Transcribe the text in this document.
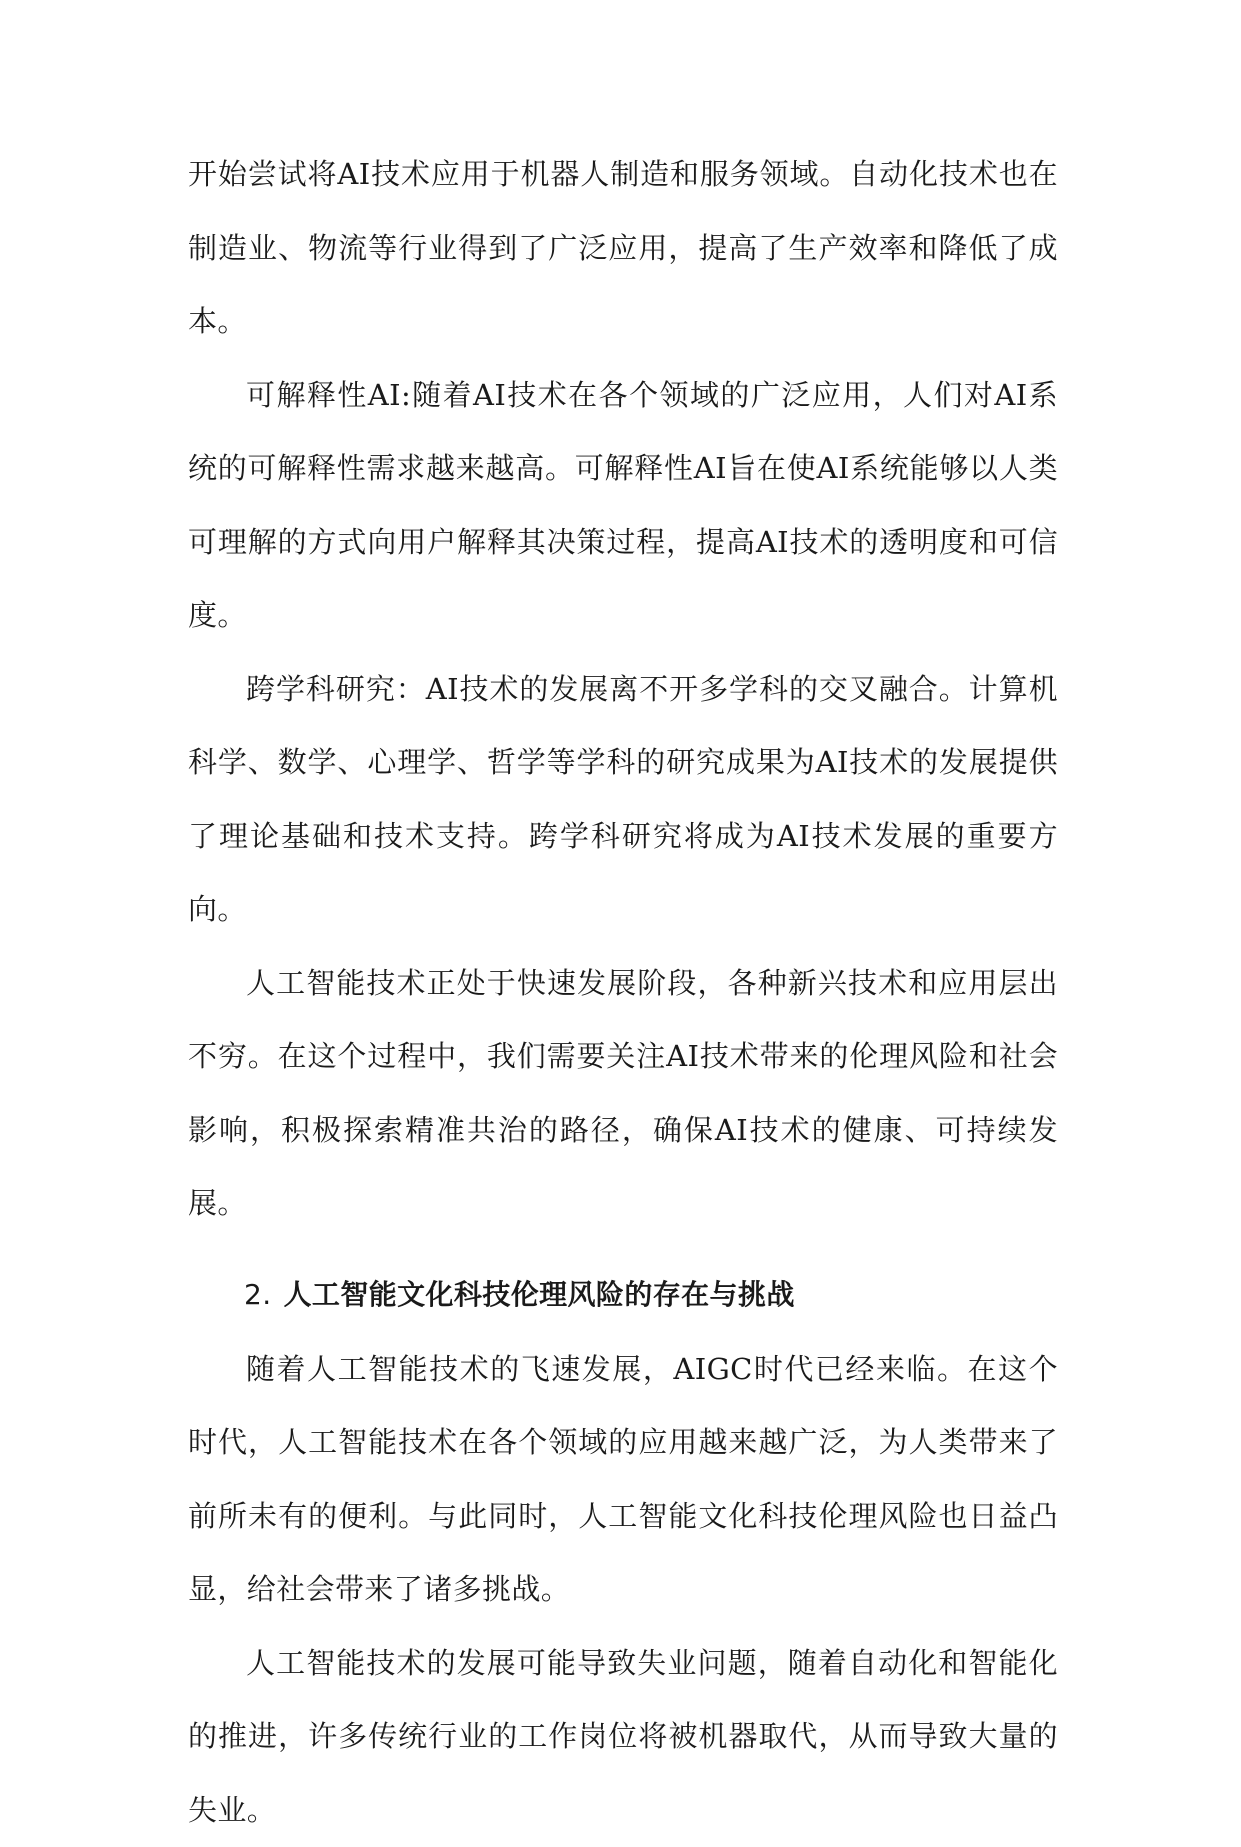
开始尝试将AI技术应用于机器人制造和服务领域。自动化技术也在制造业、物流等行业得到了广泛应用，提高了生产效率和降低了成本。

可解释性AI:随着AI技术在各个领域的广泛应用，人们对AI系统的可解释性需求越来越高。可解释性AI旨在使AI系统能够以人类可理解的方式向用户解释其决策过程，提高AI技术的透明度和可信度。

跨学科研究：AI技术的发展离不开多学科的交叉融合。计算机科学、数学、心理学、哲学等学科的研究成果为AI技术的发展提供了理论基础和技术支持。跨学科研究将成为AI技术发展的重要方向。

人工智能技术正处于快速发展阶段，各种新兴技术和应用层出不穷。在这个过程中，我们需要关注AI技术带来的伦理风险和社会影响，积极探索精准共治的路径，确保AI技术的健康、可持续发展。

2. 人工智能文化科技伦理风险的存在与挑战

随着人工智能技术的飞速发展，AIGC时代已经来临。在这个时代，人工智能技术在各个领域的应用越来越广泛，为人类带来了前所未有的便利。与此同时，人工智能文化科技伦理风险也日益凸显，给社会带来了诸多挑战。

人工智能技术的发展可能导致失业问题，随着自动化和智能化的推进，许多传统行业的工作岗位将被机器取代，从而导致大量的失业。
